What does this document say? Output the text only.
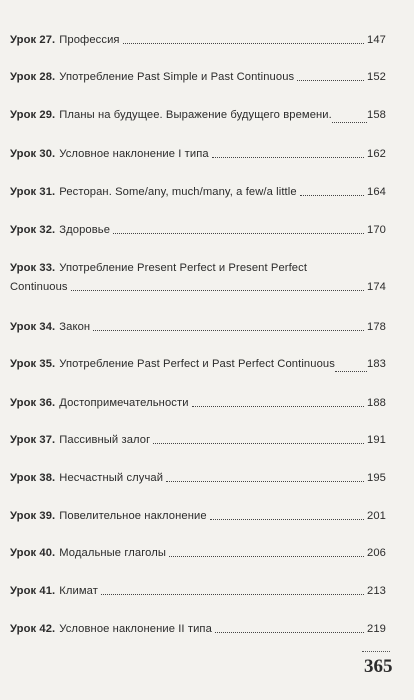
Урок 27. Профессия	147
Урок 28. Употребление Past Simple и Past Continuous	152
Урок 29. Планы на будущее. Выражение будущего времени.	158
Урок 30. Условное наклонение I типа	162
Урок 31. Ресторан. Some/any, much/many, a few/a little	164
Урок 32. Здоровье	170
Урок 33. Употребление Present Perfect и Present Perfect
Continuous	174
Урок 34. Закон	178
Урок 35. Употребление Past Perfect и Past Perfect Continuous	183
Урок 36. Достопримечательности	188
Урок 37. Пассивный залог	191
Урок 38. Несчастный случай	195
Урок 39. Повелительное наклонение	201
Урок 40. Модальные глаголы	206
Урок 41. Климат	213
Урок 42. Условное наклонение II типа	219
365
